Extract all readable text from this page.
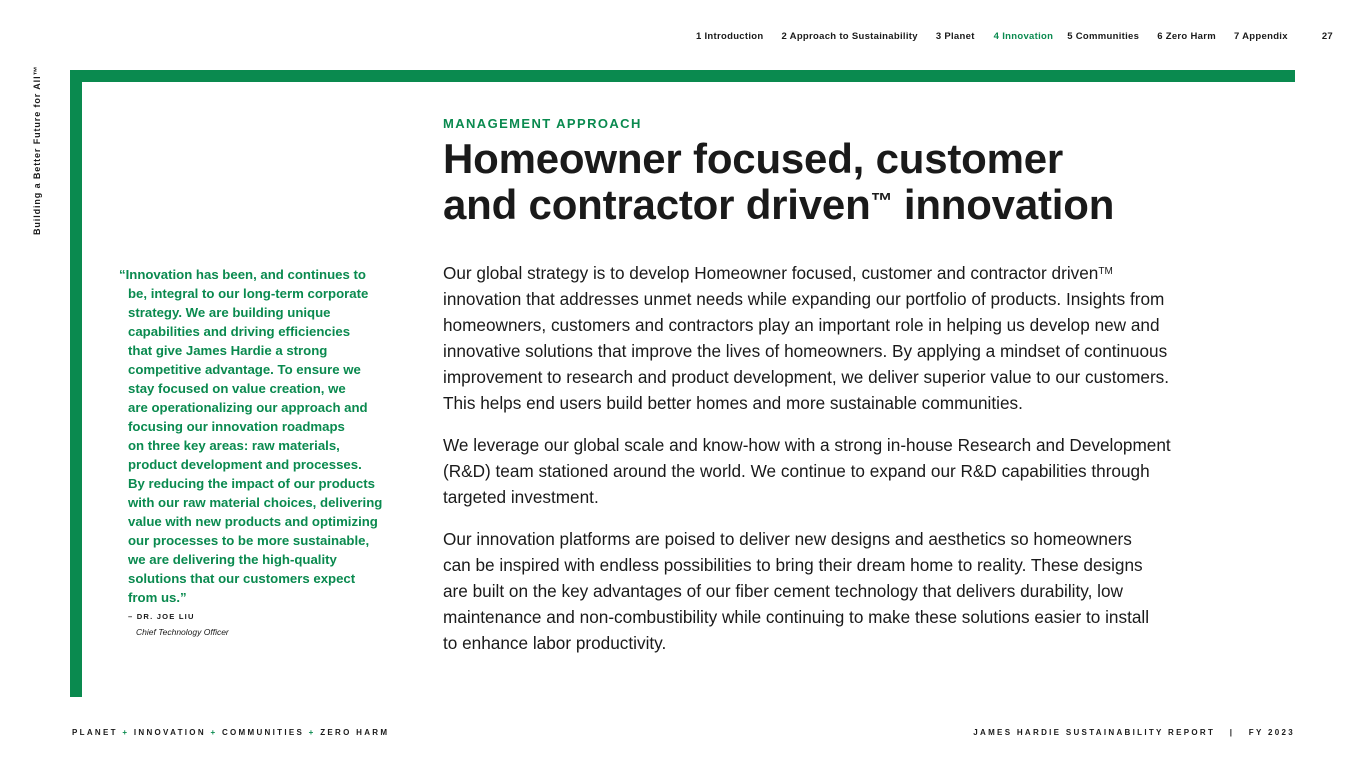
Building a Better Future for All™
1 Introduction 2 Approach to Sustainability 3 Planet 4 Innovation 5 Communities 6 Zero Harm 7 Appendix	27
“Innovation has been, and continues to
be, integral to our long-term corporate
strategy. We are building unique
capabilities and driving efficiencies
that give James Hardie a strong
competitive advantage. To ensure we
stay focused on value creation, we
are operationalizing our approach and
focusing our innovation roadmaps
on three key areas: raw materials,
product development and processes.
By reducing the impact of our products
with our raw material choices, delivering
value with new products and optimizing
our processes to be more sustainable,
we are delivering the high-quality
solutions that our customers expect
from us.”
– DR. JOE LIU
Chief Technology Officer
MANAGEMENT APPROACH
Homeowner focused, customer
and contractor driven™ innovation

Our global strategy is to develop Homeowner focused, customer and contractor driven™
innovation that addresses unmet needs while expanding our portfolio of products. Insights from
homeowners, customers and contractors play an important role in helping us develop new and
innovative solutions that improve the lives of homeowners. By applying a mindset of continuous
improvement to research and product development, we deliver superior value to our customers.
This helps end users build better homes and more sustainable communities.

We leverage our global scale and know-how with a strong in-house Research and Development
(R&D) team stationed around the world. We continue to expand our R&D capabilities through
targeted investment.

Our innovation platforms are poised to deliver new designs and aesthetics so homeowners
can be inspired with endless possibilities to bring their dream home to reality. These designs
are built on the key advantages of our fiber cement technology that delivers durability, low
maintenance and non-combustibility while continuing to make these solutions easier to install
to enhance labor productivity.

PLANET + INNOVATION + COMMUNITIES + ZERO HARM	JAMES HARDIE SUSTAINABILITY REPORT | FY 2023
